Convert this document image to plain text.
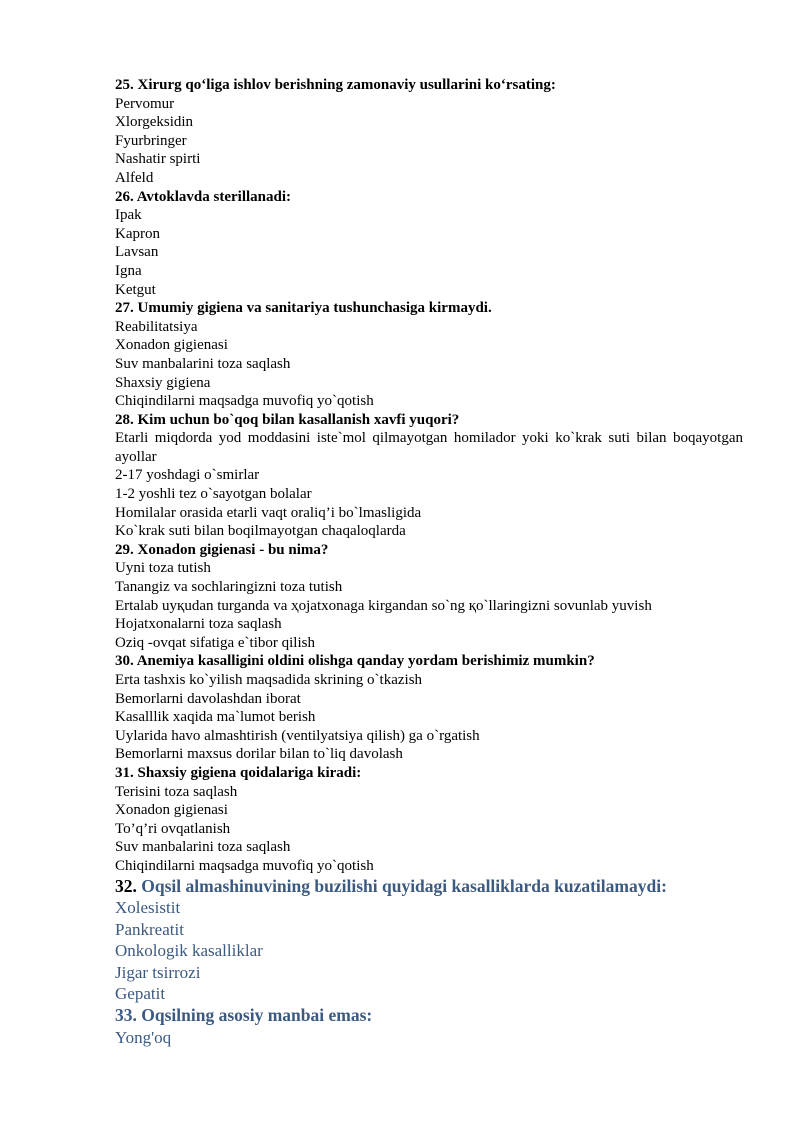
25. Xirurg qo‘liga ishlov berishning zamonaviy usullarini ko‘rsating:
Pervomur
Xlorgeksidin
Fyurbringer
Nashatir spirti
Alfeld
26. Avtoklavda sterillanadi:
Ipak
Kapron
Lavsan
Igna
Ketgut
27. Umumiy gigiena va sanitariya tushunchasiga kirmaydi.
Reabilitatsiya
Xonadon gigienasi
Suv manbalarini toza saqlash
Shaxsiy gigiena
Chiqindilarni maqsadga muvofiq yo`qotish
28. Kim uchun bo`qoq bilan kasallanish xavfi yuqori?
Etarli miqdorda yod moddasini iste`mol qilmayotgan homilador yoki ko`krak suti bilan boqayotgan ayollar
2-17 yoshdagi o`smirlar
1-2 yoshli tez o`sayotgan bolalar
Homilalar orasida etarli vaqt oraliq’i bo`lmasligida
Ko`krak suti bilan boqilmayotgan chaqaloqlarda
29. Xonadon gigienasi - bu nima?
Uyni toza tutish
Tanangiz va sochlaringizni toza tutish
Ertalab uyқudan turganda va ҳojatxonaga kirgandan so`ng қo`llaringizni sovunlab yuvish
Hojatxonalarni toza saqlash
Oziq -ovqat sifatiga e`tibor qilish
30. Anemiya kasalligini oldini olishga qanday yordam berishimiz mumkin?
Erta tashxis ko`yilish maqsadida skrining o`tkazish
Bemorlarni davolashdan iborat
Kasalllik xaqida ma`lumot berish
Uylarida havo almashtirish (ventilyatsiya qilish) ga o`rgatish
Bemorlarni maxsus dorilar bilan to`liq davolash
31. Shaxsiy gigiena qoidalariga kiradi:
Terisini toza saqlash
Xonadon gigienasi
To’q’ri ovqatlanish
Suv manbalarini toza saqlash
Chiqindilarni maqsadga muvofiq yo`qotish
32. Oqsil almashinuvining buzilishi quyidagi kasalliklarda kuzatilamaydi:
Xolesistit
Pankreatit
Onkologik kasalliklar
Jigar tsirrozi
Gepatit
33. Oqsilning asosiy manbai emas:
Yong'oq
